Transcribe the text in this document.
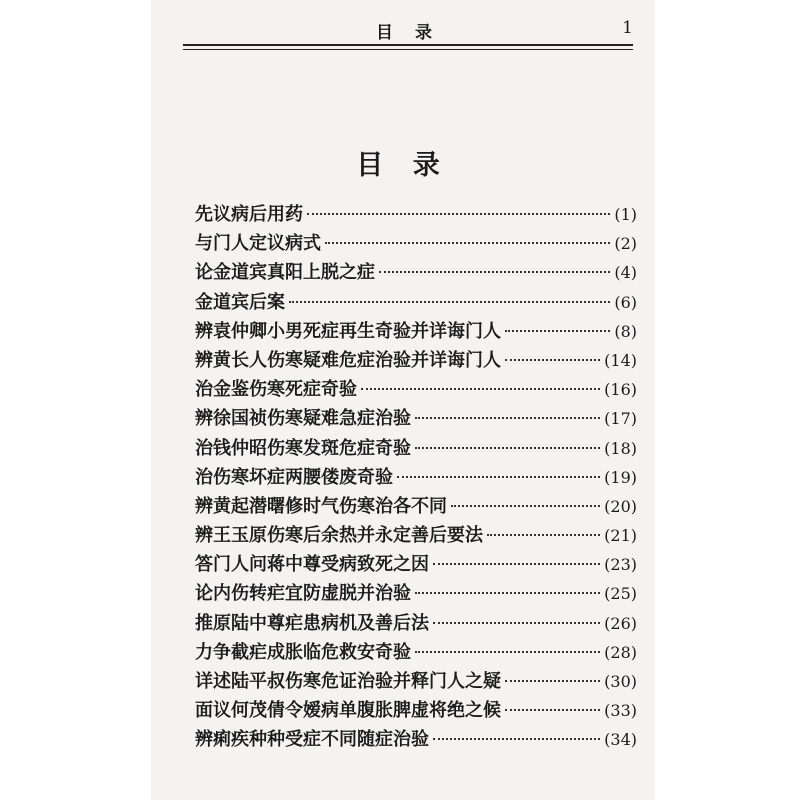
目 录	1
目 录
先议病后用药	(1)
与门人定议病式	(2)
论金道宾真阳上脱之症	(4)
金道宾后案	(6)
辨袁仲卿小男死症再生奇验并详诲门人	(8)
辨黄长人伤寒疑难危症治验并详诲门人	(14)
治金鉴伤寒死症奇验	(16)
辨徐国祯伤寒疑难急症治验	(17)
治钱仲昭伤寒发斑危症奇验	(18)
治伤寒坏症两腰偻废奇验	(19)
辨黄起潜曙修时气伤寒治各不同	(20)
辨王玉原伤寒后余热并永定善后要法	(21)
答门人问蒋中尊受病致死之因	(23)
论内伤转疟宜防虚脱并治验	(25)
推原陆中尊疟患病机及善后法	(26)
力争截疟成胀临危救安奇验	(28)
详述陆平叔伤寒危证治验并释门人之疑	(30)
面议何茂倩令嫒病单腹胀脾虚将绝之候	(33)
辨痢疾种种受症不同随症治验	(34)
